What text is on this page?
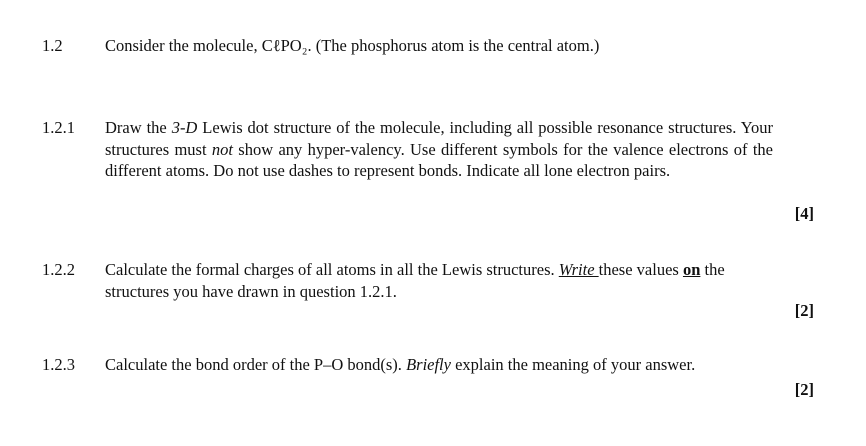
1.2	Consider the molecule, CℓPO₂. (The phosphorus atom is the central atom.)
1.2.1 Draw the 3-D Lewis dot structure of the molecule, including all possible resonance structures. Your structures must not show any hyper-valency. Use different symbols for the valence electrons of the different atoms. Do not use dashes to represent bonds. Indicate all lone electron pairs.
[4]
1.2.2 Calculate the formal charges of all atoms in all the Lewis structures. Write these values on the structures you have drawn in question 1.2.1.
[2]
1.2.3 Calculate the bond order of the P–O bond(s). Briefly explain the meaning of your answer.
[2]
